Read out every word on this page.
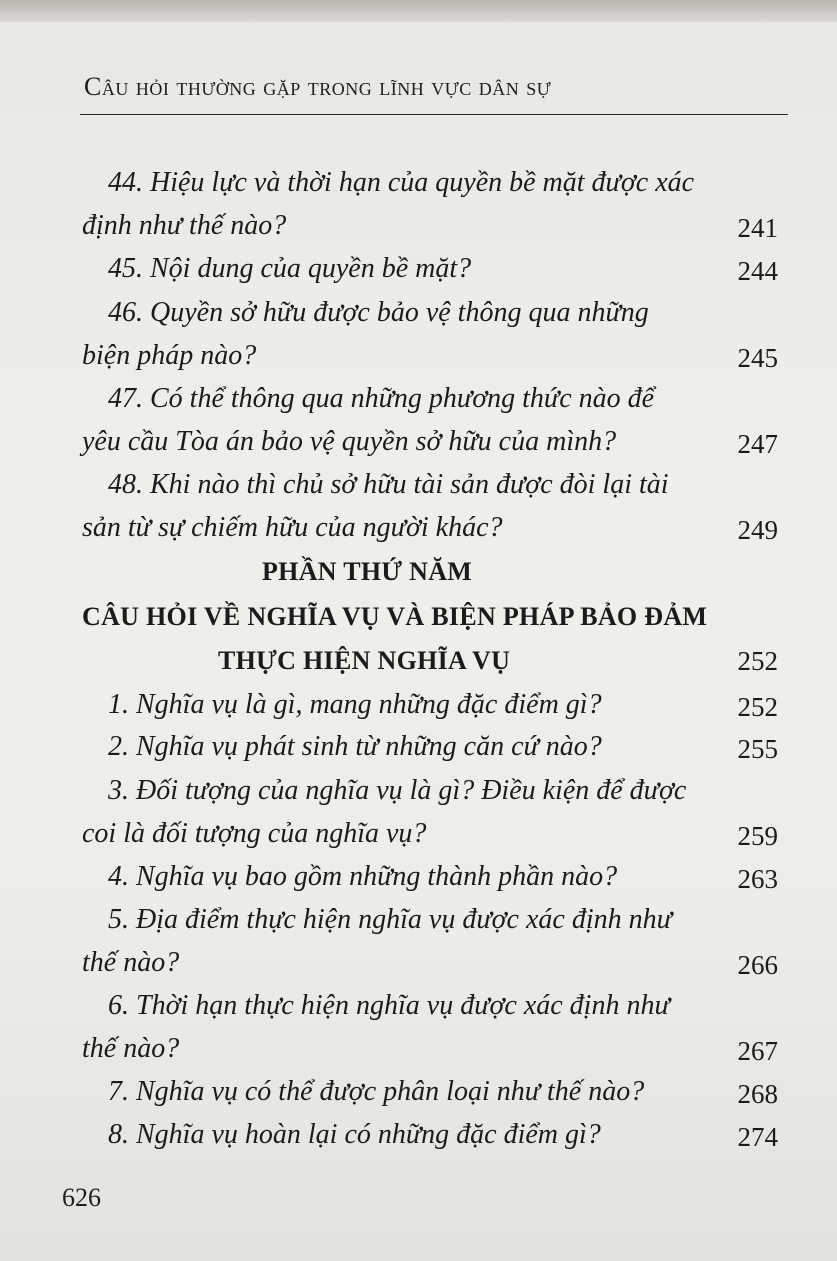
Câu hỏi thường gặp trong lĩnh vực dân sự
44. Hiệu lực và thời hạn của quyền bề mặt được xác
định như thế nào?	241
45. Nội dung của quyền bề mặt?	244
46. Quyền sở hữu được bảo vệ thông qua những
biện pháp nào?	245
47. Có thể thông qua những phương thức nào để
yêu cầu Tòa án bảo vệ quyền sở hữu của mình?	247
48. Khi nào thì chủ sở hữu tài sản được đòi lại tài
sản từ sự chiếm hữu của người khác?	249
PHẦN THỨ NĂM
CÂU HỎI VỀ NGHĨA VỤ VÀ BIỆN PHÁP BẢO ĐẢM
THỰC HIỆN NGHĨA VỤ	252
1. Nghĩa vụ là gì, mang những đặc điểm gì?	252
2. Nghĩa vụ phát sinh từ những căn cứ nào?	255
3. Đối tượng của nghĩa vụ là gì? Điều kiện để được
coi là đối tượng của nghĩa vụ?	259
4. Nghĩa vụ bao gồm những thành phần nào?	263
5. Địa điểm thực hiện nghĩa vụ được xác định như
thế nào?	266
6. Thời hạn thực hiện nghĩa vụ được xác định như
thế nào?	267
7. Nghĩa vụ có thể được phân loại như thế nào?	268
8. Nghĩa vụ hoàn lại có những đặc điểm gì?	274
626
